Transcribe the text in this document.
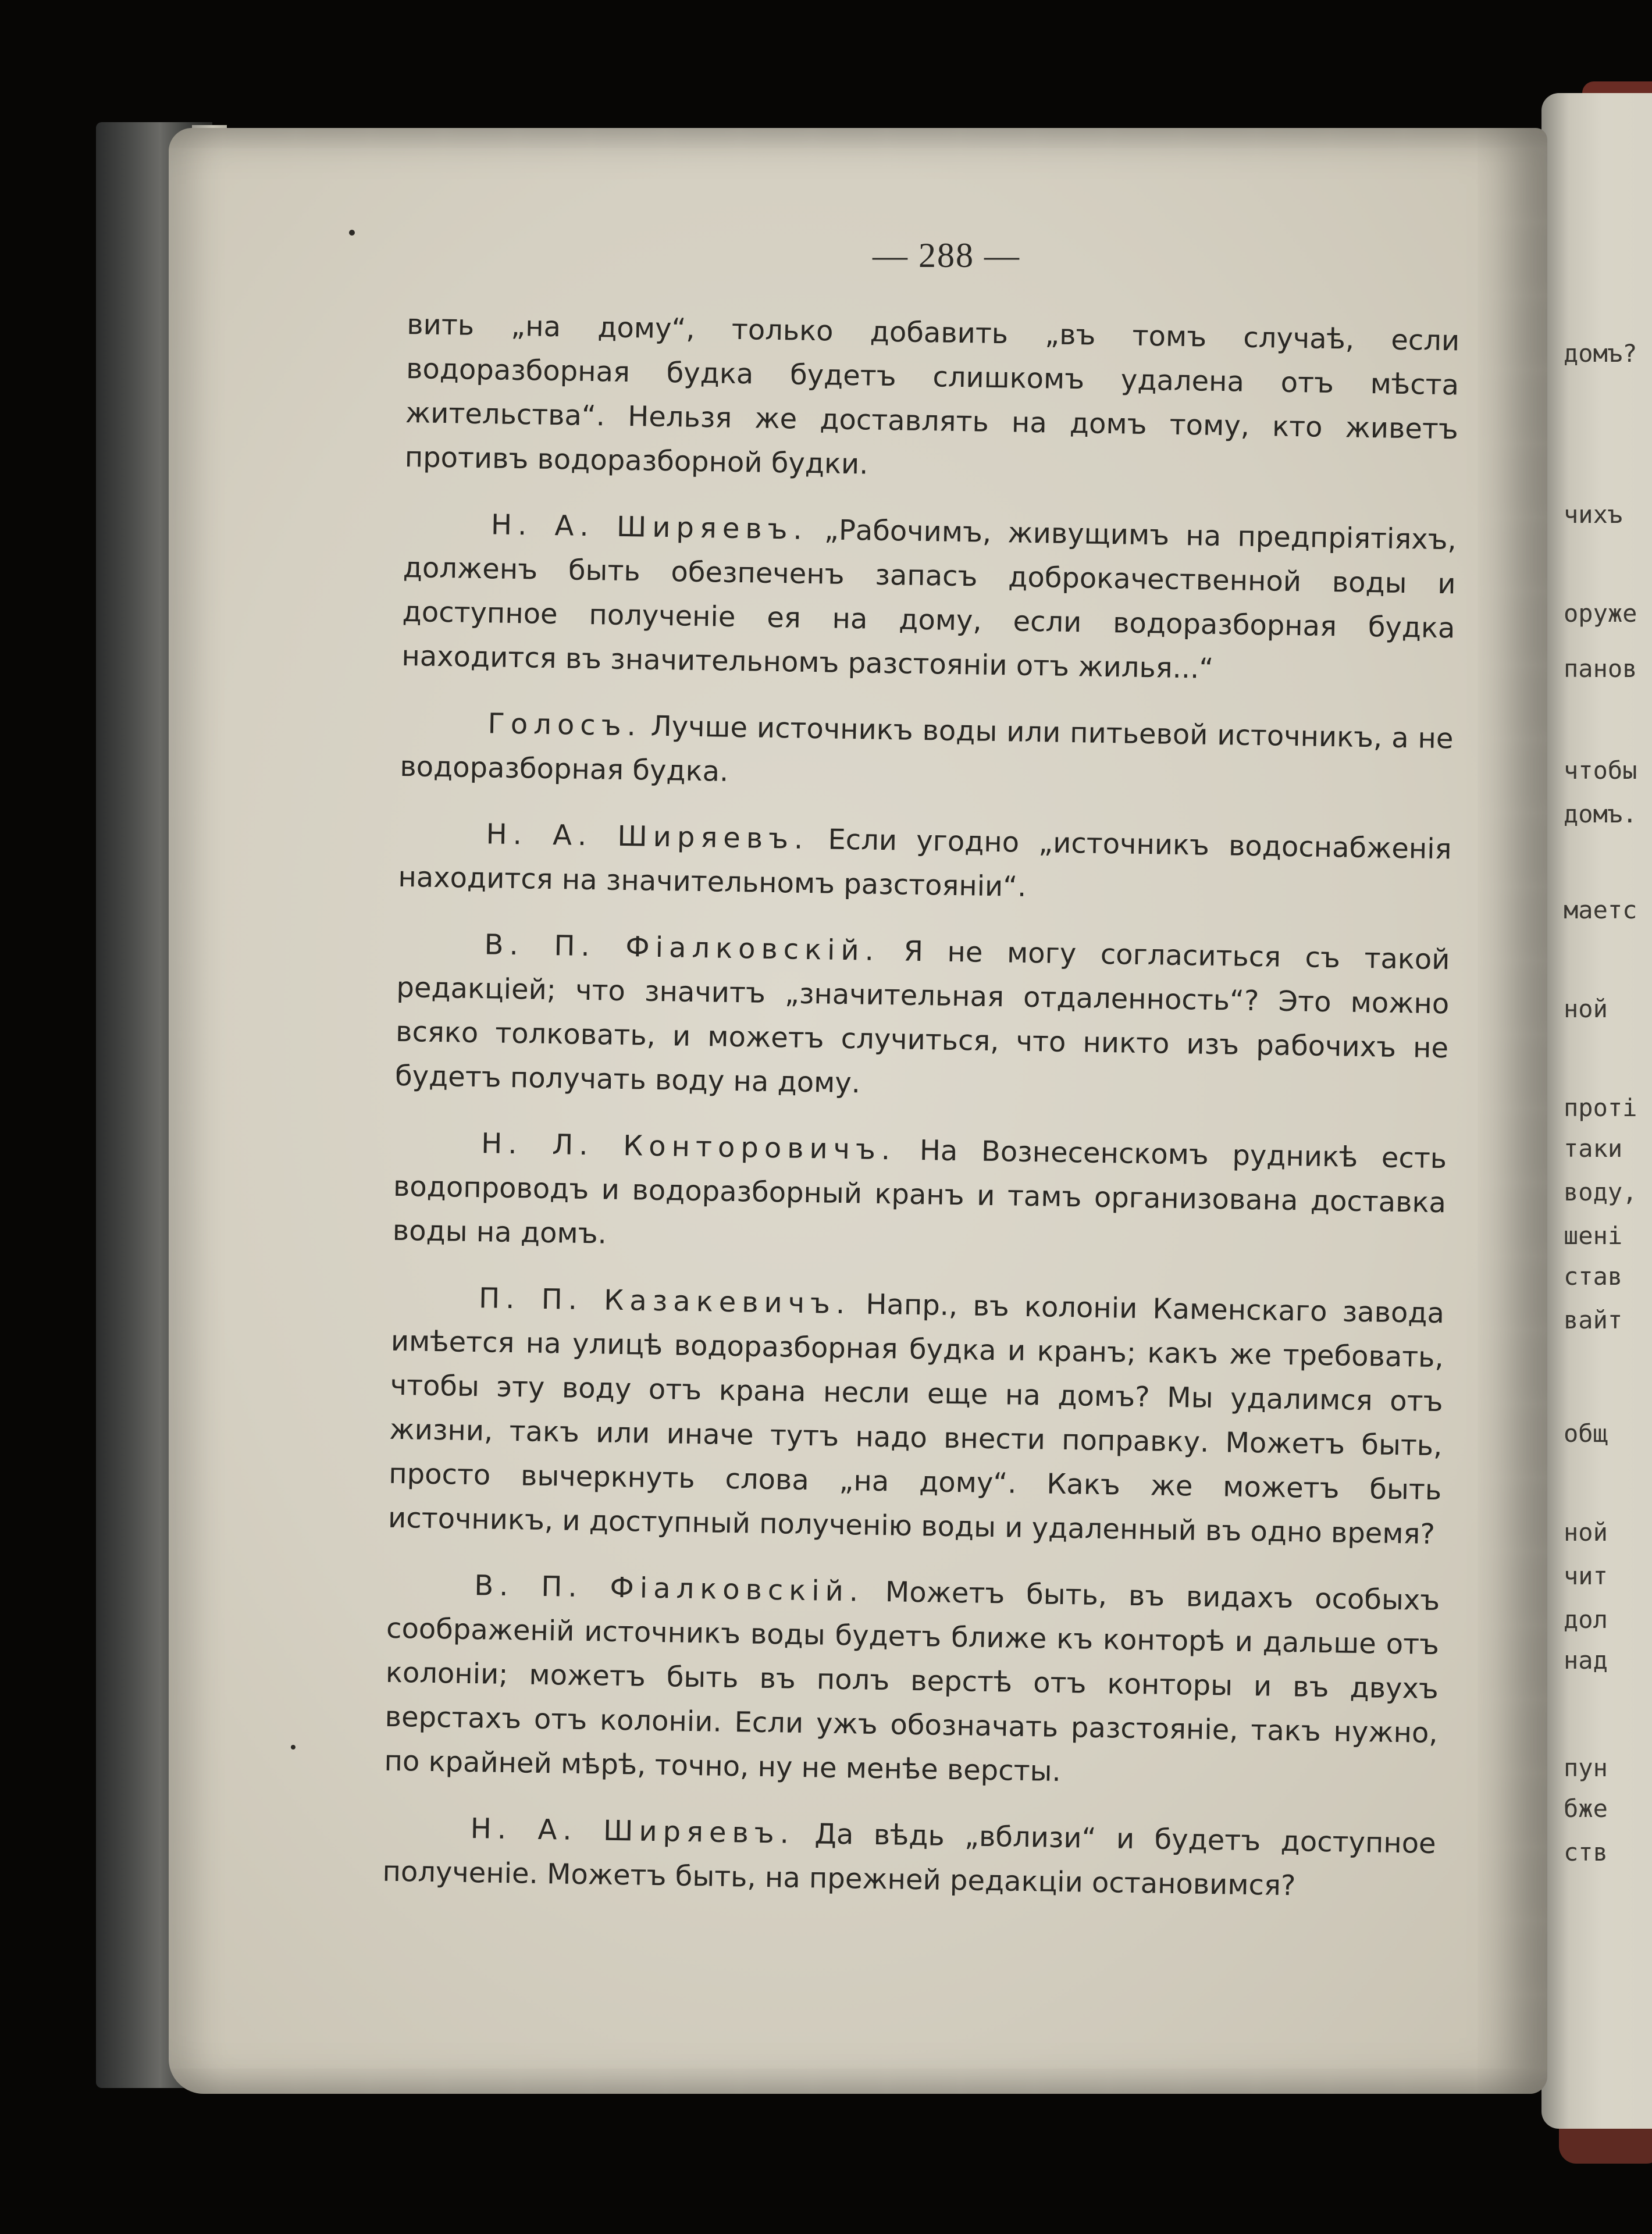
— 288 —

вить „на дому“, только добавить „въ томъ случаѣ, если водоразборная будка будетъ слишкомъ удалена отъ мѣста жительства“. Нельзя же доставлять на домъ тому, кто живетъ противъ водоразборной будки.

Н. А. Ширяевъ. „Рабочимъ, живущимъ на предпріятіяхъ, долженъ быть обезпеченъ запасъ доброкачественной воды и доступное полученіе ея на дому, если водоразборная будка находится въ значительномъ разстояніи отъ жилья...“

Голосъ. Лучше источникъ воды или питьевой источникъ, а не водоразборная будка.

Н. А. Ширяевъ. Если угодно „источникъ водоснабженія находится на значительномъ разстояніи“.

В. П. Фіалковскій. Я не могу согласиться съ такой редакціей; что значитъ „значительная отдаленность“? Это можно всяко толковать, и можетъ случиться, что никто изъ рабочихъ не будетъ получать воду на дому.

Н. Л. Конторовичъ. На Вознесенскомъ рудникѣ есть водопроводъ и водоразборный кранъ и тамъ организована доставка воды на домъ.

П. П. Казакевичъ. Напр., въ колоніи Каменскаго завода имѣется на улицѣ водоразборная будка и кранъ; какъ же требовать, чтобы эту воду отъ крана несли еще на домъ? Мы удалимся отъ жизни, такъ или иначе тутъ надо внести поправку. Можетъ быть, просто вычеркнуть слова „на дому“. Какъ же можетъ быть источникъ, и доступный полученію воды и удаленный въ одно время?

В. П. Фіалковскій. Можетъ быть, въ видахъ особыхъ соображеній источникъ воды будетъ ближе къ конторѣ и дальше отъ колоніи; можетъ быть въ полъ верстѣ отъ конторы и въ двухъ верстахъ отъ колоніи. Если ужъ обозначать разстояніе, такъ нужно, по крайней мѣрѣ, точно, ну не менѣе версты.

Н. А. Ширяевъ. Да вѣдь „вблизи“ и будетъ доступное полученіе. Можетъ быть, на прежней редакціи остановимся?

домъ?
чихъ
оруже
панов
чтобы
домъ.
маетс
ной
проті
таки
воду,
шені
став
вайт
общ
ной
чит
дол
над
пун
бже
ств
